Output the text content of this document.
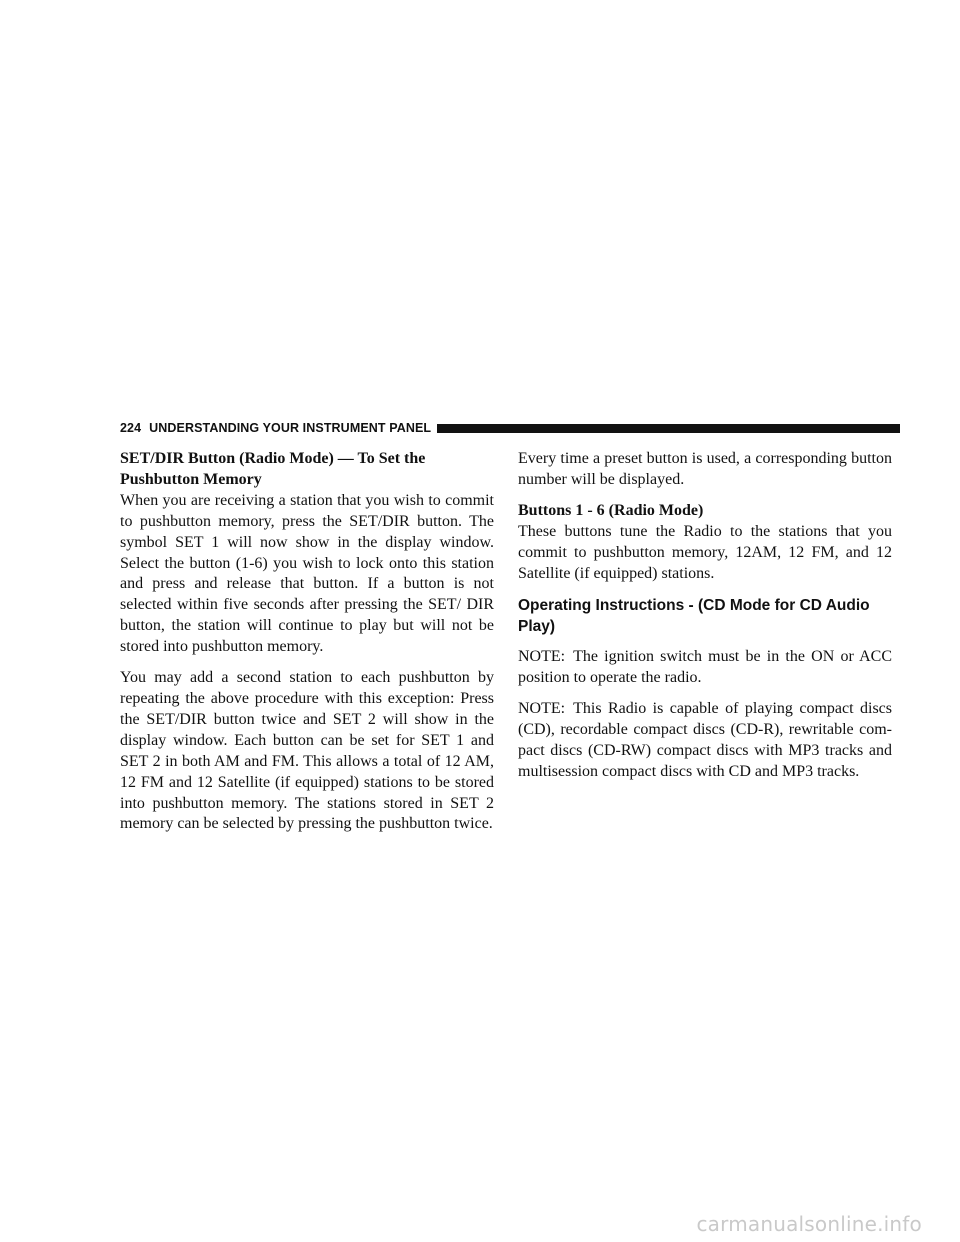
224 UNDERSTANDING YOUR INSTRUMENT PANEL
SET/DIR Button (Radio Mode) — To Set the
Pushbutton Memory

When you are receiving a station that you wish to commit to pushbutton memory, press the SET/DIR button. The symbol SET 1 will now show in the display window. Select the button (1-6) you wish to lock onto this station and press and release that button. If a button is not selected within five seconds after pressing the SET/ DIR button, the station will continue to play but will not be stored into pushbutton memory.

You may add a second station to each pushbutton by repeating the above procedure with this exception: Press the SET/DIR button twice and SET 2 will show in the display window. Each button can be set for SET 1 and SET 2 in both AM and FM. This allows a total of 12 AM, 12 FM and 12 Satellite (if equipped) stations to be stored into pushbutton memory. The stations stored in SET 2 memory can be selected by pressing the pushbutton twice.

Every time a preset button is used, a corresponding button number will be displayed.

Buttons 1 - 6 (Radio Mode)

These buttons tune the Radio to the stations that you commit to pushbutton memory, 12AM, 12 FM, and 12 Satellite (if equipped) stations.

Operating Instructions - (CD Mode for CD Audio
Play)

NOTE: The ignition switch must be in the ON or ACC position to operate the radio.

NOTE: This Radio is capable of playing compact discs (CD), recordable compact discs (CD-R), rewritable compact discs (CD-RW) compact discs with MP3 tracks and multisession compact discs with CD and MP3 tracks.

carmanualsonline.info
